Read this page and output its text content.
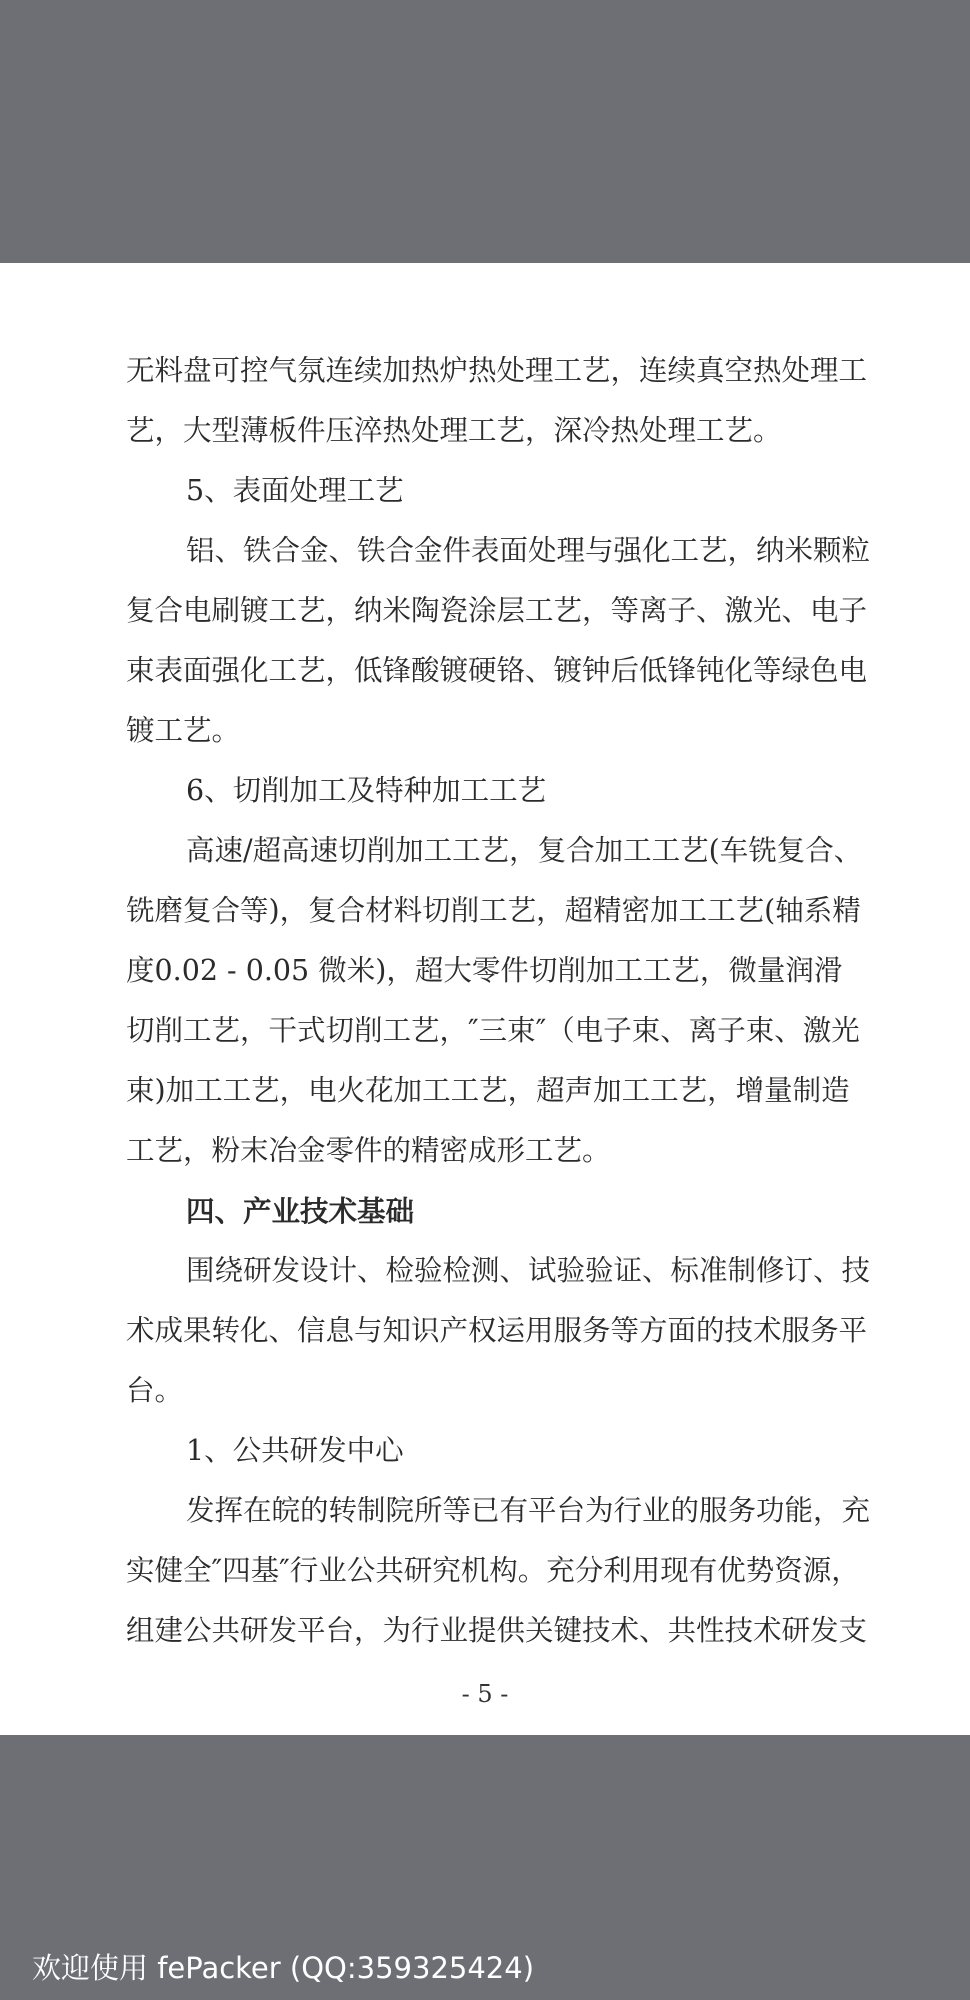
无料盘可控气氛连续加热炉热处理工艺，连续真空热处理工

艺，大型薄板件压淬热处理工艺，深冷热处理工艺。

5、表面处理工艺

铝、铁合金、铁合金件表面处理与强化工艺，纳米颗粒

复合电刷镀工艺，纳米陶瓷涂层工艺，等离子、激光、电子

束表面强化工艺，低锋酸镀硬铬、镀钟后低锋钝化等绿色电

镀工艺。

6、切削加工及特种加工工艺

高速/超高速切削加工工艺，复合加工工艺(车铣复合、

铣磨复合等)，复合材料切削工艺，超精密加工工艺(轴系精

度0.02 - 0.05 微米)，超大零件切削加工工艺，微量润滑

切削工艺，干式切削工艺，″三束″（电子束、离子束、激光

束)加工工艺，电火花加工工艺，超声加工工艺，增量制造

工艺，粉末冶金零件的精密成形工艺。

四、产业技术基础

围绕研发设计、检验检测、试验验证、标准制修订、技

术成果转化、信息与知识产权运用服务等方面的技术服务平

台。

1、公共研发中心

发挥在皖的转制院所等已有平台为行业的服务功能，充

实健全″四基″行业公共研究机构。充分利用现有优势资源，

组建公共研发平台，为行业提供关键技术、共性技术研发支

- 5 -
欢迎使用 fePacker (QQ:359325424)
